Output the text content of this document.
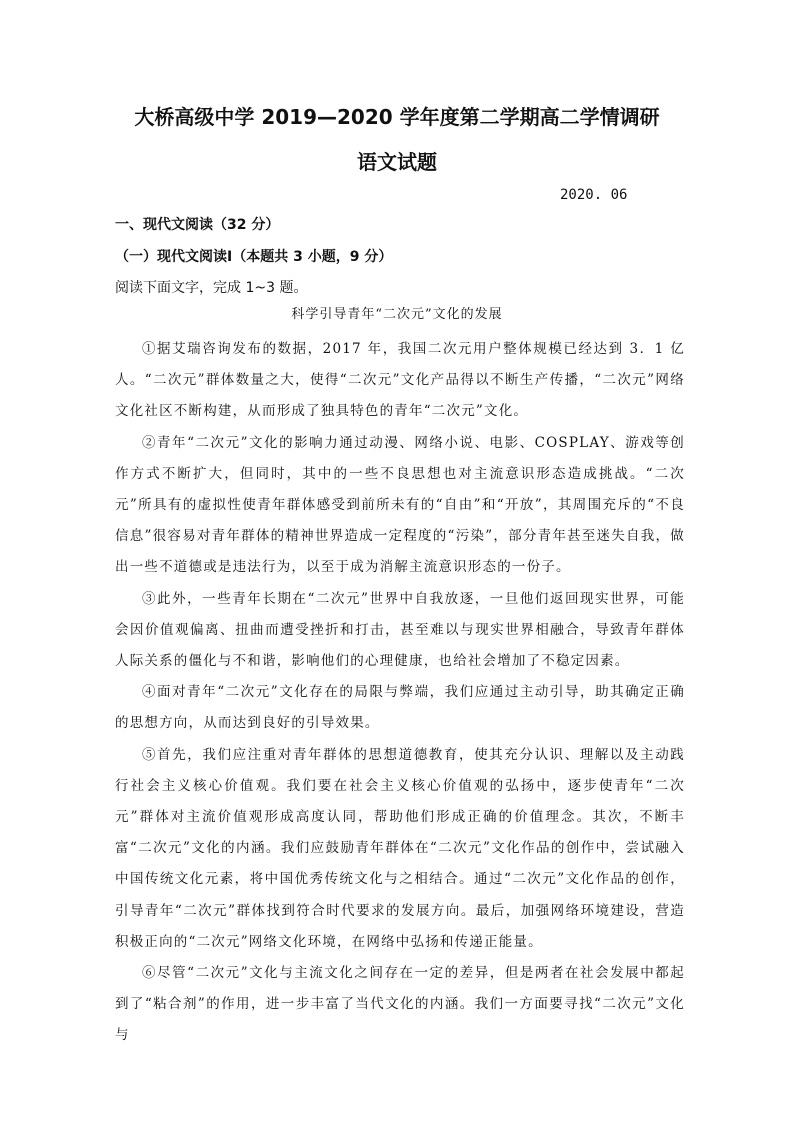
大桥高级中学 2019—2020 学年度第二学期高二学情调研
语文试题
2020. 06
一、现代文阅读（32 分）
（一）现代文阅读Ⅰ（本题共 3 小题，9 分）
阅读下面文字，完成 1~3 题。
科学引导青年“二次元”文化的发展

①据艾瑞咨询发布的数据，2017 年，我国二次元用户整体规模已经达到 3．1 亿人。“二次元”群体数量之大，使得“二次元”文化产品得以不断生产传播，“二次元”网络文化社区不断构建，从而形成了独具特色的青年“二次元”文化。

②青年“二次元”文化的影响力通过动漫、网络小说、电影、COSPLAY、游戏等创作方式不断扩大，但同时，其中的一些不良思想也对主流意识形态造成挑战。“二次元”所具有的虚拟性使青年群体感受到前所未有的“自由”和“开放”，其周围充斥的“不良信息”很容易对青年群体的精神世界造成一定程度的“污染”，部分青年甚至迷失自我，做出一些不道德或是违法行为，以至于成为消解主流意识形态的一份子。

③此外，一些青年长期在“二次元”世界中自我放逐，一旦他们返回现实世界，可能会因价值观偏离、扭曲而遭受挫折和打击，甚至难以与现实世界相融合，导致青年群体人际关系的僵化与不和谐，影响他们的心理健康，也给社会增加了不稳定因素。

④面对青年“二次元”文化存在的局限与弊端，我们应通过主动引导，助其确定正确的思想方向，从而达到良好的引导效果。

⑤首先，我们应注重对青年群体的思想道德教育，使其充分认识、理解以及主动践行社会主义核心价值观。我们要在社会主义核心价值观的弘扬中，逐步使青年“二次元”群体对主流价值观形成高度认同，帮助他们形成正确的价值理念。其次，不断丰富“二次元”文化的内涵。我们应鼓励青年群体在“二次元”文化作品的创作中，尝试融入中国传统文化元素，将中国优秀传统文化与之相结合。通过“二次元”文化作品的创作，引导青年“二次元”群体找到符合时代要求的发展方向。最后，加强网络环境建设，营造积极正向的“二次元”网络文化环境，在网络中弘扬和传递正能量。

⑥尽管“二次元”文化与主流文化之间存在一定的差异，但是两者在社会发展中都起到了“粘合剂”的作用，进一步丰富了当代文化的内涵。我们一方面要寻找“二次元”文化与
